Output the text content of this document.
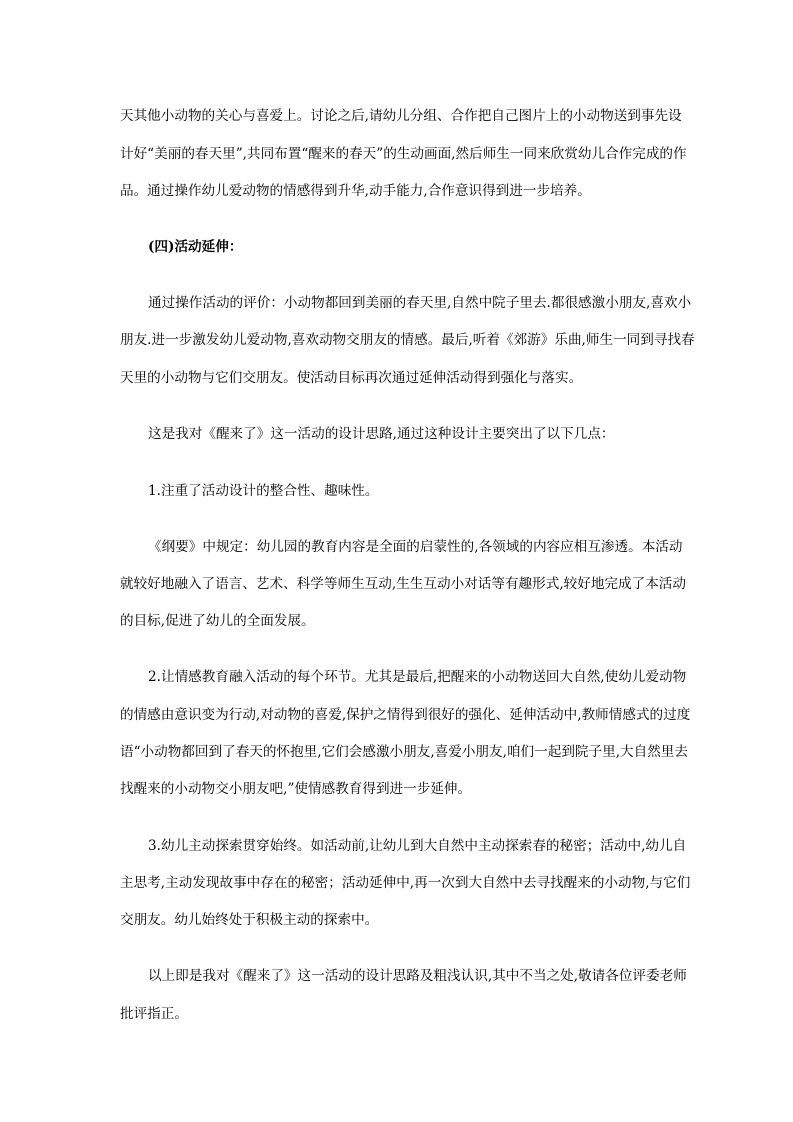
天其他小动物的关心与喜爱上。讨论之后,请幼儿分组、合作把自己图片上的小动物送到事先设

计好“美丽的春天里”,共同布置“醒来的春天”的生动画面,然后师生一同来欣赏幼儿合作完成的作

品。通过操作幼儿爱动物的情感得到升华,动手能力,合作意识得到进一步培养。

(四)活动延伸：

通过操作活动的评价：小动物都回到美丽的春天里,自然中院子里去.都很感激小朋友,喜欢小

朋友.进一步激发幼儿爱动物,喜欢动物交朋友的情感。最后,听着《郊游》乐曲,师生一同到寻找春

天里的小动物与它们交朋友。使活动目标再次通过延伸活动得到强化与落实。

这是我对《醒来了》这一活动的设计思路,通过这种设计主要突出了以下几点：

1.注重了活动设计的整合性、趣味性。

《纲要》中规定：幼儿园的教育内容是全面的启蒙性的,各领域的内容应相互渗透。本活动

就较好地融入了语言、艺术、科学等师生互动,生生互动小对话等有趣形式,较好地完成了本活动

的目标,促进了幼儿的全面发展。

2.让情感教育融入活动的每个环节。尤其是最后,把醒来的小动物送回大自然,使幼儿爱动物

的情感由意识变为行动,对动物的喜爱,保护之情得到很好的强化、延伸活动中,教师情感式的过度

语“小动物都回到了春天的怀抱里,它们会感激小朋友,喜爱小朋友,咱们一起到院子里,大自然里去

找醒来的小动物交小朋友吧,”使情感教育得到进一步延伸。

3.幼儿主动探索贯穿始终。如活动前,让幼儿到大自然中主动探索春的秘密；活动中,幼儿自

主思考,主动发现故事中存在的秘密；活动延伸中,再一次到大自然中去寻找醒来的小动物,与它们

交朋友。幼儿始终处于积极主动的探索中。

以上即是我对《醒来了》这一活动的设计思路及粗浅认识,其中不当之处,敬请各位评委老师

批评指正。
